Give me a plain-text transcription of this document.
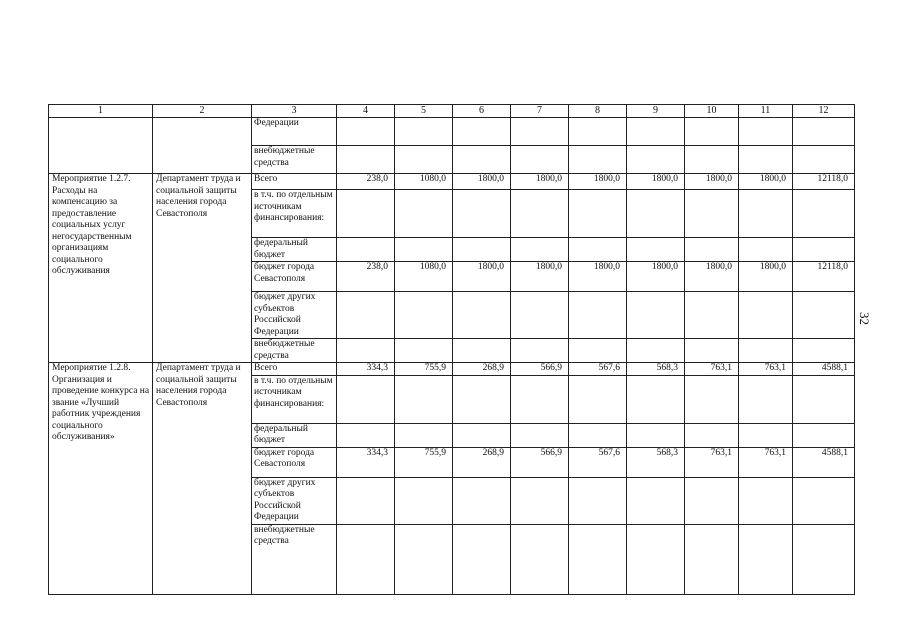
1	2	3	4	5	6	7	8	9	10	11	12
		Федерации									
		внебюджетные средства									
Мероприятие 1.2.7. Расходы на компенсацию за предоставление социальных услуг негосударственным организациям социального обслуживания	Департамент труда и социальной защиты населения города Севастополя	Всего	238,0	1080,0	1800,0	1800,0	1800,0	1800,0	1800,0	1800,0	12118,0
		в т.ч. по отдельным источникам финансирования:									
		федеральный бюджет									
		бюджет города Севастополя	238,0	1080,0	1800,0	1800,0	1800,0	1800,0	1800,0	1800,0	12118,0
		бюджет других субъектов Российской Федерации									
		внебюджетные средства									
Мероприятие 1.2.8. Организация и проведение конкурса на звание «Лучший работник учреждения социального обслуживания»	Департамент труда и социальной защиты населения города Севастополя	Всего	334,3	755,9	268,9	566,9	567,6	568,3	763,1	763,1	4588,1
		в т.ч. по отдельным источникам финансирования:									
		федеральный бюджет									
		бюджет города Севастополя	334,3	755,9	268,9	566,9	567,6	568,3	763,1	763,1	4588,1
		бюджет других субъектов Российской Федерации									
		внебюджетные средства									
32
